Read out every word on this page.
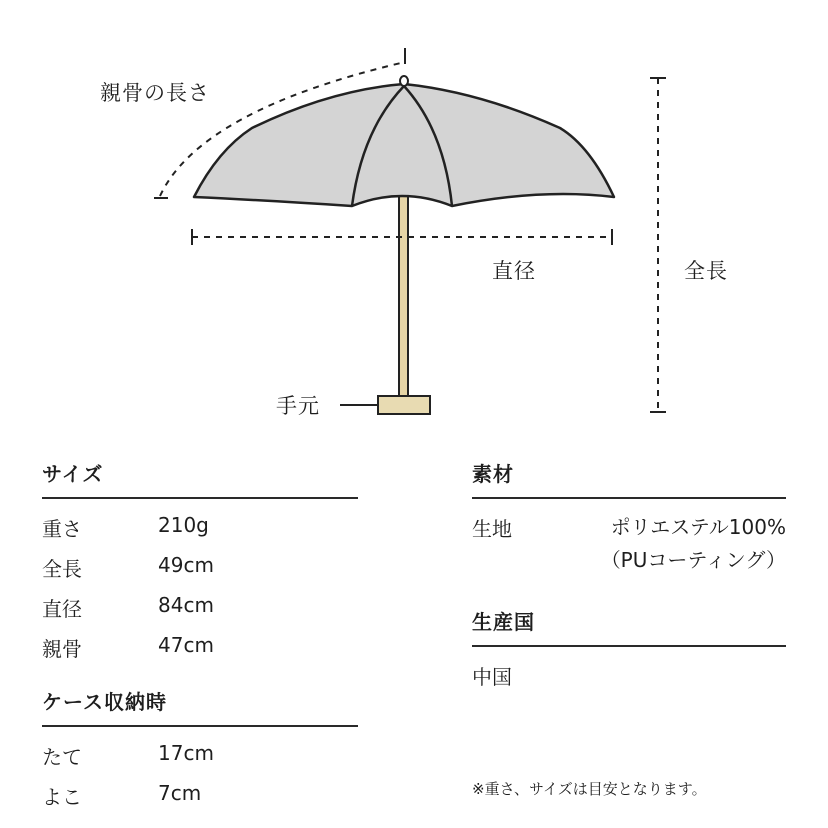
親骨の長さ
直径	全長
手元
サイズ
重さ	210g
全長	49cm
直径	84cm
親骨	47cm
ケース収納時
たて	17cm
よこ	7cm
素材
生地	ポリエステル100%
（PUコーティング）
生産国
中国
※重さ、サイズは目安となります。
